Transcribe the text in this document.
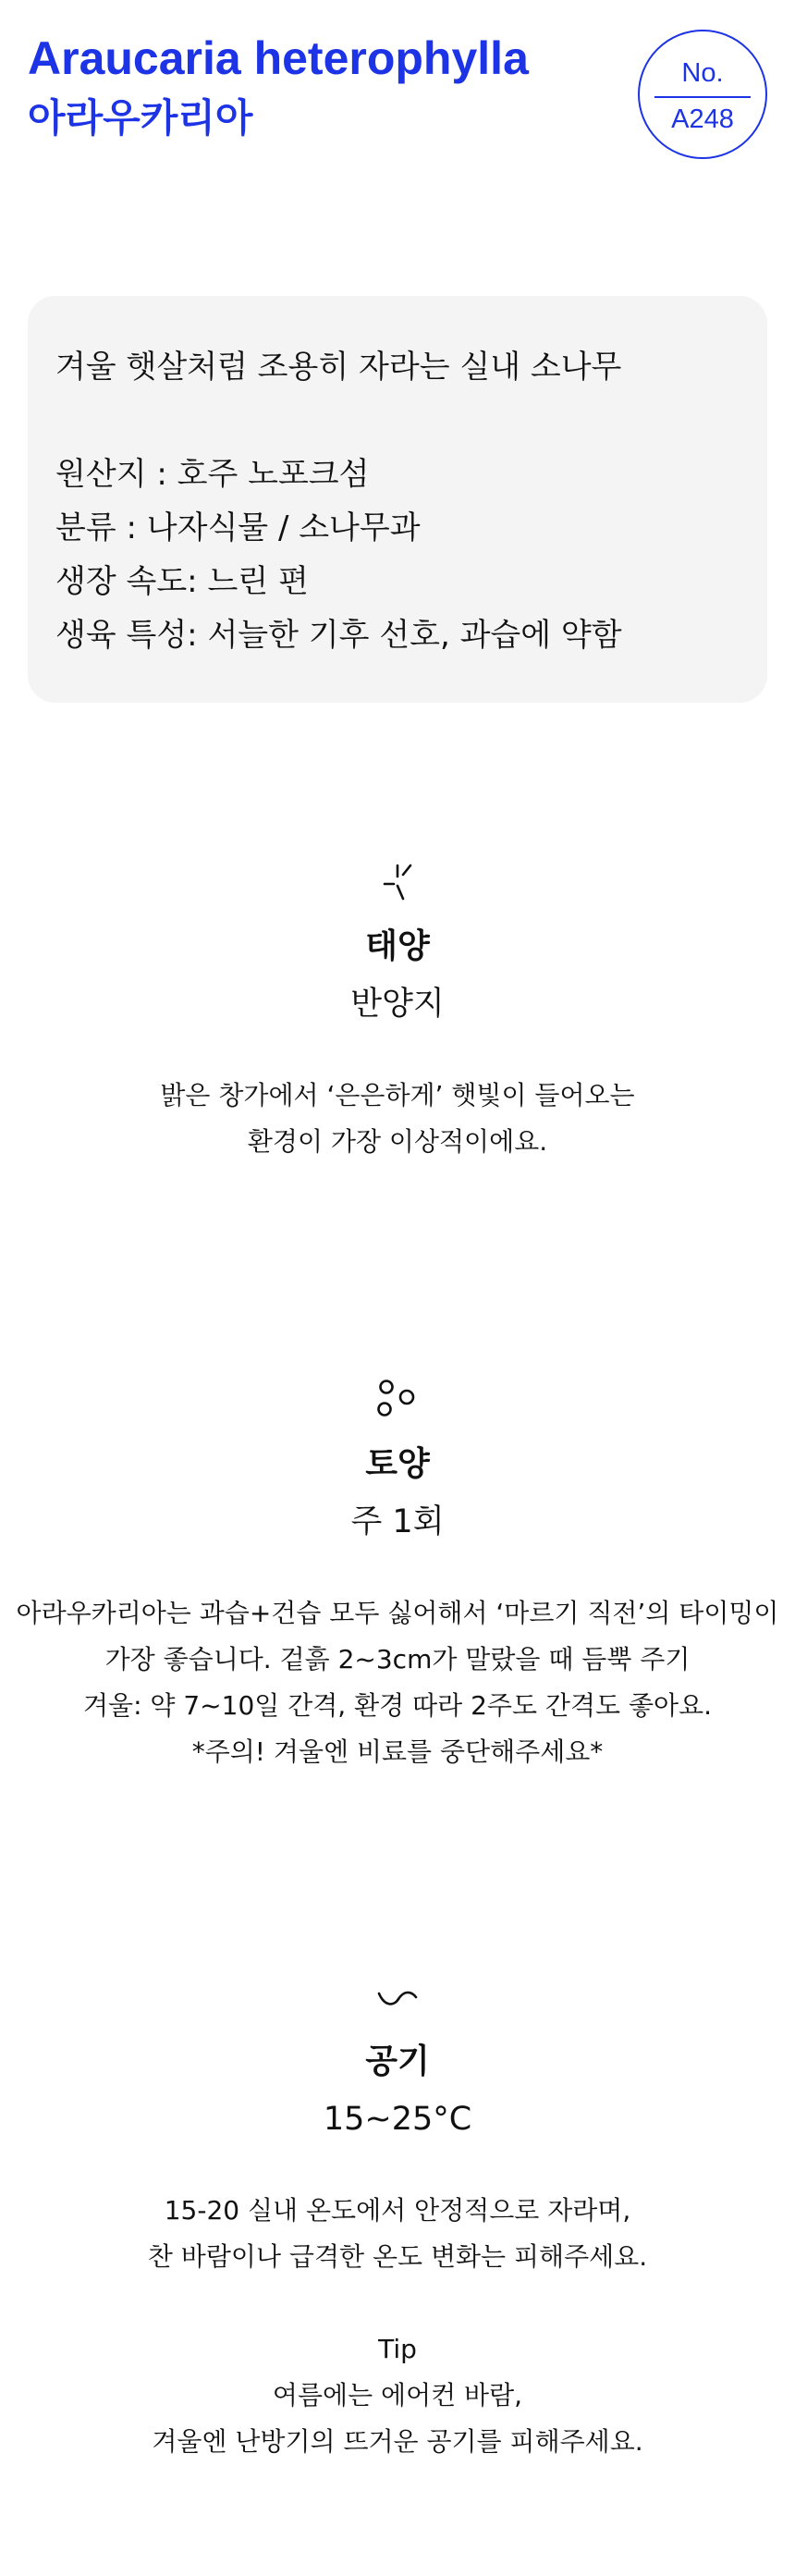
Araucaria heterophylla
아라우카리아
No.
A248
겨울 햇살처럼 조용히 자라는 실내 소나무
원산지 : 호주 노포크섬
분류 : 나자식물 / 소나무과
생장 속도: 느린 편
생육 특성: 서늘한 기후 선호, 과습에 약함
태양
반양지
밝은 창가에서 ‘은은하게’ 햇빛이 들어오는
환경이 가장 이상적이에요.
토양
주 1회
아라우카리아는 과습+건습 모두 싫어해서 ‘마르기 직전’의 타이밍이
가장 좋습니다. 겉흙 2~3cm가 말랐을 때 듬뿍 주기
겨울: 약 7~10일 간격, 환경 따라 2주도 간격도 좋아요.
*주의! 겨울엔 비료를 중단해주세요*
공기
15~25°C
15-20 실내 온도에서 안정적으로 자라며,
찬 바람이나 급격한 온도 변화는 피해주세요.
Tip
여름에는 에어컨 바람,
겨울엔 난방기의 뜨거운 공기를 피해주세요.
